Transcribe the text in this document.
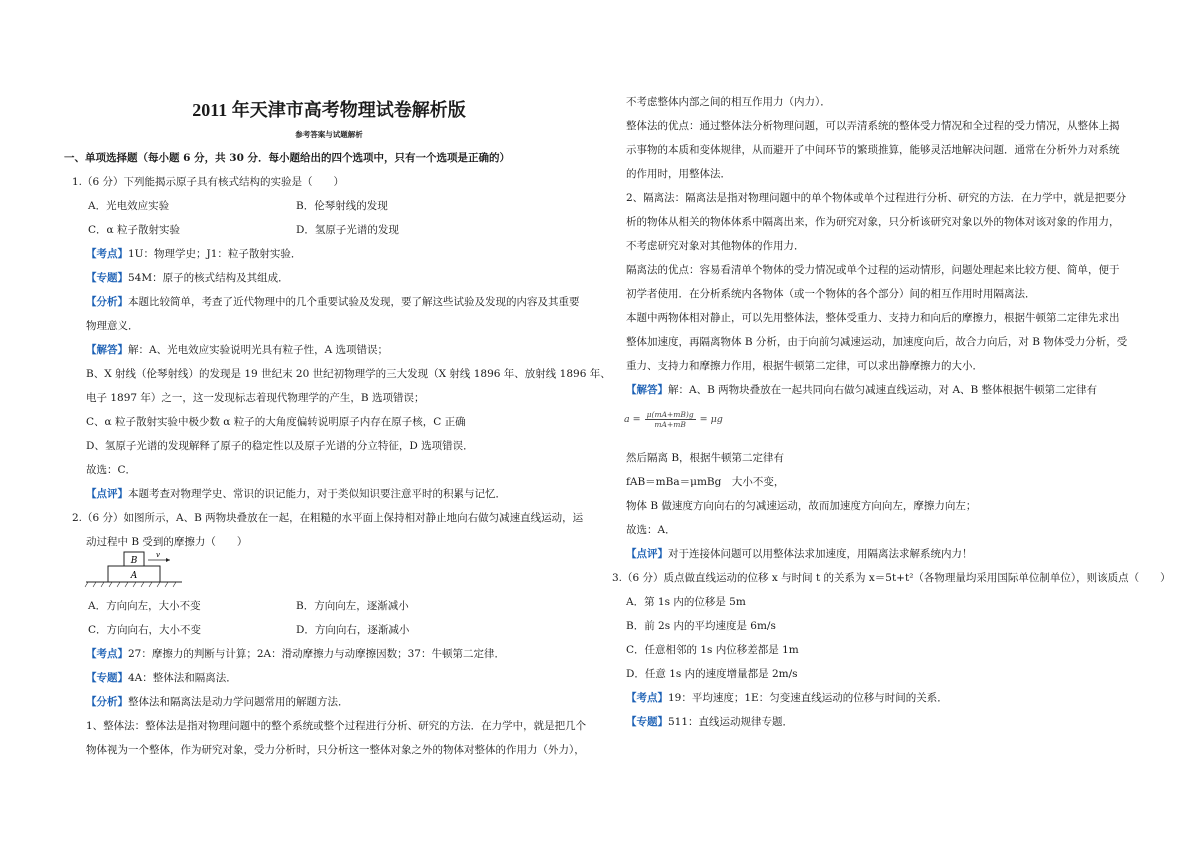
2011 年天津市高考物理试卷解析版
参考答案与试题解析
一、单项选择题（每小题 6 分，共 30 分．每小题给出的四个选项中，只有一个选项是正确的）
1.（6 分）下列能揭示原子具有核式结构的实验是（　　）
A．光电效应实验	B．伦琴射线的发现
C．α 粒子散射实验	D．氢原子光谱的发现
【考点】1U：物理学史；J1：粒子散射实验．
【专题】54M：原子的核式结构及其组成．
【分析】本题比较简单，考查了近代物理中的几个重要试验及发现，要了解这些试验及发现的内容及其重要
物理意义．
【解答】解：A、光电效应实验说明光具有粒子性，A 选项错误；
B、X 射线（伦琴射线）的发现是 19 世纪末 20 世纪初物理学的三大发现（X 射线 1896 年、放射线 1896 年、
电子 1897 年）之一，这一发现标志着现代物理学的产生，B 选项错误；
C、α 粒子散射实验中极少数 α 粒子的大角度偏转说明原子内存在原子核，C 正确
D、氢原子光谱的发现解释了原子的稳定性以及原子光谱的分立特征，D 选项错误．
故选：C．
【点评】本题考查对物理学史、常识的识记能力，对于类似知识要注意平时的积累与记忆．
2.（6 分）如图所示，A、B 两物块叠放在一起，在粗糙的水平面上保持相对静止地向右做匀减速直线运动，运
动过程中 B 受到的摩擦力（　　）
B
A
v
A．方向向左，大小不变	B．方向向左，逐渐减小
C．方向向右，大小不变	D．方向向右，逐渐减小
【考点】27：摩擦力的判断与计算；2A：滑动摩擦力与动摩擦因数；37：牛顿第二定律．
【专题】4A：整体法和隔离法．
【分析】整体法和隔离法是动力学问题常用的解题方法．
1、整体法：整体法是指对物理问题中的整个系统或整个过程进行分析、研究的方法．在力学中，就是把几个
物体视为一个整体，作为研究对象，受力分析时，只分析这一整体对象之外的物体对整体的作用力（外力），
不考虑整体内部之间的相互作用力（内力）．
整体法的优点：通过整体法分析物理问题，可以弄清系统的整体受力情况和全过程的受力情况，从整体上揭
示事物的本质和变体规律，从而避开了中间环节的繁琐推算，能够灵活地解决问题．通常在分析外力对系统
的作用时，用整体法．
2、隔离法：隔离法是指对物理问题中的单个物体或单个过程进行分析、研究的方法．在力学中，就是把要分
析的物体从相关的物体体系中隔离出来，作为研究对象，只分析该研究对象以外的物体对该对象的作用力，
不考虑研究对象对其他物体的作用力．
隔离法的优点：容易看清单个物体的受力情况或单个过程的运动情形，问题处理起来比较方便、简单，便于
初学者使用．在分析系统内各物体（或一个物体的各个部分）间的相互作用时用隔离法．
本题中两物体相对静止，可以先用整体法，整体受重力、支持力和向后的摩擦力，根据牛顿第二定律先求出
整体加速度，再隔离物体 B 分析，由于向前匀减速运动，加速度向后，故合力向后，对 B 物体受力分析，受
重力、支持力和摩擦力作用，根据牛顿第二定律，可以求出静摩擦力的大小．
【解答】解：A、B 两物块叠放在一起共同向右做匀减速直线运动，对 A、B 整体根据牛顿第二定律有
$a = \frac{\mu(mA+mB)g}{mA+mB} = \mu g$
然后隔离 B，根据牛顿第二定律有
fAB＝mBa＝μmBg　大小不变，
物体 B 做速度方向向右的匀减速运动，故而加速度方向向左，摩擦力向左；
故选：A．
【点评】对于连接体问题可以用整体法求加速度，用隔离法求解系统内力！
3.（6 分）质点做直线运动的位移 x 与时间 t 的关系为 x＝5t+t²（各物理量均采用国际单位制单位），则该质点（　　）
A．第 1s 内的位移是 5m
B．前 2s 内的平均速度是 6m/s
C．任意相邻的 1s 内位移差都是 1m
D．任意 1s 内的速度增量都是 2m/s
【考点】19：平均速度；1E：匀变速直线运动的位移与时间的关系．
【专题】511：直线运动规律专题．
